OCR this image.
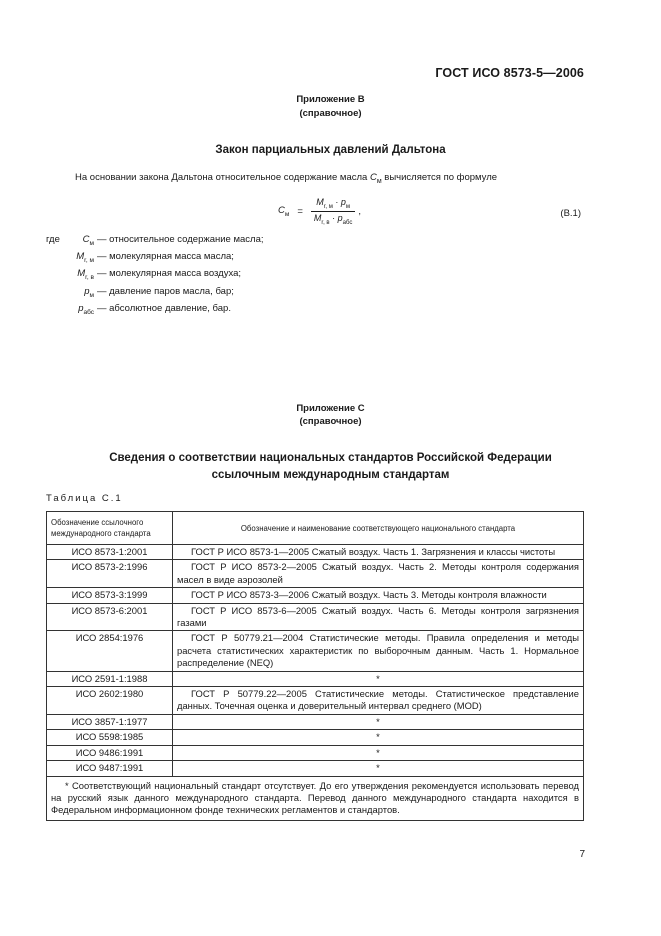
ГОСТ ИСО 8573-5—2006
Приложение В
(справочное)
Закон парциальных давлений Дальтона
На основании закона Дальтона относительное содержание масла $C_м$ вычисляется по формуле
$C_м = \frac{M_{r, м} \cdot p_м}{M_{r, в} \cdot p_{абс}}$ ,	(В.1)
где	$C_м$ — относительное содержание масла;
$M_{r, м}$ — молекулярная масса масла;
$M_{r, в}$ — молекулярная масса воздуха;
$p_м$ — давление паров масла, бар;
$p_{абс}$ — абсолютное давление, бар.
Приложение С
(справочное)
Сведения о соответствии национальных стандартов Российской Федерации
ссылочным международным стандартам
Таблица С.1
Обозначение ссылочного международного стандарта	Обозначение и наименование соответствующего национального стандарта
ИСО 8573-1:2001	ГОСТ Р ИСО 8573-1—2005 Сжатый воздух. Часть 1. Загрязнения и классы чистоты
ИСО 8573-2:1996	ГОСТ Р ИСО 8573-2—2005 Сжатый воздух. Часть 2. Методы контроля содержания масел в виде аэрозолей
ИСО 8573-3:1999	ГОСТ Р ИСО 8573-3—2006 Сжатый воздух. Часть 3. Методы контроля влажности
ИСО 8573-6:2001	ГОСТ Р ИСО 8573-6—2005 Сжатый воздух. Часть 6. Методы контроля загрязнения газами
ИСО 2854:1976	ГОСТ Р 50779.21—2004 Статистические методы. Правила определения и методы расчета статистических характеристик по выборочным данным. Часть 1. Нормальное распределение (NEQ)
ИСО 2591-1:1988	*
ИСО 2602:1980	ГОСТ Р 50779.22—2005 Статистические методы. Статистическое представление данных. Точечная оценка и доверительный интервал среднего (MOD)
ИСО 3857-1:1977	*
ИСО 5598:1985	*
ИСО 9486:1991	*
ИСО 9487:1991	*
* Соответствующий национальный стандарт отсутствует. До его утверждения рекомендуется использовать перевод на русский язык данного международного стандарта. Перевод данного международного стандарта находится в Федеральном информационном фонде технических регламентов и стандартов.	
7
